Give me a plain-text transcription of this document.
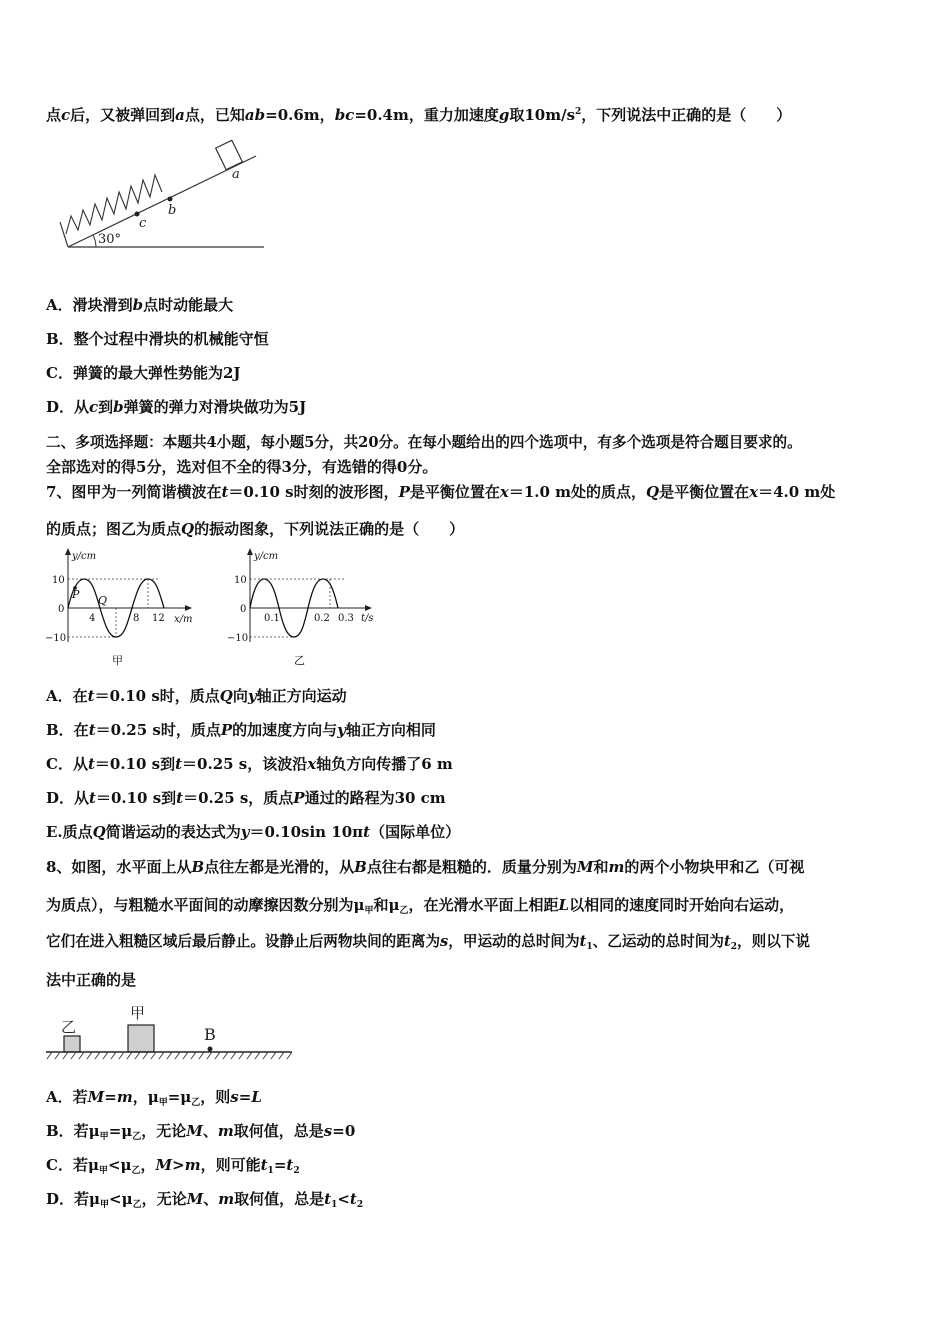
点c后，又被弹回到a点，已知ab=0.6m，bc=0.4m，重力加速度g取$10m/s^2$，下列说法中正确的是（　　）
30°
c
b
a
A．滑块滑到b点时动能最大
B．整个过程中滑块的机械能守恒
C．弹簧的最大弹性势能为2J
D．从c到b弹簧的弹力对滑块做功为5J
二、多项选择题：本题共4小题，每小题5分，共20分。在每小题给出的四个选项中，有多个选项是符合题目要求的。
全部选对的得5分，选对但不全的得3分，有选错的得0分。
7、图甲为一列简谐横波在t＝0.10 s时刻的波形图，P是平衡位置在x＝1.0 m处的质点，Q是平衡位置在x＝4.0 m处
的质点；图乙为质点Q的振动图象，下列说法正确的是（　　）
P Q
y/cm
10
0
−10
4	8 12 x/m
甲
y/cm
10
0
−10
0.1	0.2 0.3 t/s
乙
A．在t＝0.10 s时，质点Q向y轴正方向运动
B．在t＝0.25 s时，质点P的加速度方向与y轴正方向相同
C．从t＝0.10 s到t＝0.25 s，该波沿x轴负方向传播了6 m
D．从t＝0.10 s到t＝0.25 s，质点P通过的路程为30 cm
E.质点Q简谐运动的表达式为y＝0.10sin 10πt（国际单位）
8、如图，水平面上从B点往左都是光滑的，从B点往右都是粗糙的．质量分别为M和m的两个小物块甲和乙（可视
为质点），与粗糙水平面间的动摩擦因数分别为$\mu_甲$和$\mu_乙$，在光滑水平面上相距L以相同的速度同时开始向右运动，
它们在进入粗糙区域后最后静止。设静止后两物块间的距离为s，甲运动的总时间为$t_1$、乙运动的总时间为$t_2$，则以下说
法中正确的是
乙
甲
B
A．若M=m，$\mu_甲=\mu_乙$，则s=L
B．若$\mu_甲=\mu_乙$，无论M、m取何值，总是s=0
C．若$\mu_甲<\mu_乙$，M>m，则可能$t_1=t_2$
D．若$\mu_甲<\mu_乙$，无论M、m取何值，总是$t_1<t_2$
